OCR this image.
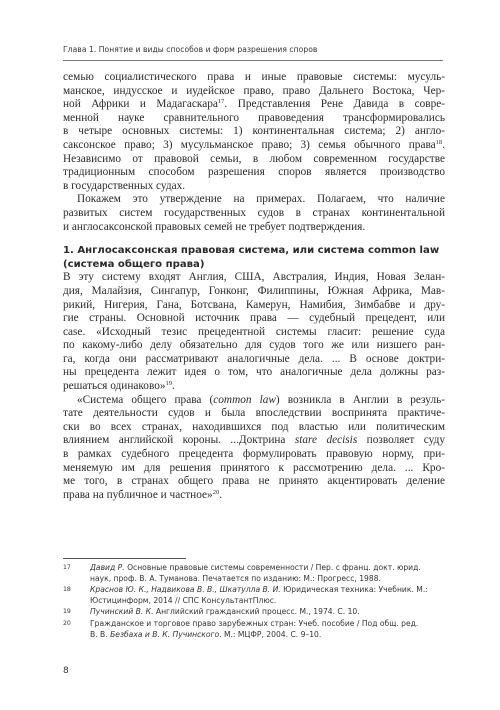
Глава 1. Понятие и виды способов и форм разрешения споров
семью социалистического права и иные правовые системы: мусуль-
манское, индусское и иудейское право, право Дальнего Востока, Чер-
ной Африки и Мадагаскара$^{17}$. Представления Рене Давида в совре-
менной науке сравнительного правоведения трансформировались
в четыре основных системы: 1) континентальная система; 2) англо-
саксонское право; 3) мусульманское право; 3) семья обычного права$^{18}$.
Независимо от правовой семьи, в любом современном государстве
традиционным способом разрешения споров является производство
в государственных судах.
Покажем это утверждение на примерах. Полагаем, что наличие
развитых систем государственных судов в странах континентальной
и англосаксонской правовых семей не требует подтверждения.
1. Англосаксонская правовая система, или система common law
(система общего права)
В эту систему входят Англия, США, Австралия, Индия, Новая Зелан-
дия, Малайзия, Сингапур, Гонконг, Филиппины, Южная Африка, Мав-
рикий, Нигерия, Гана, Ботсвана, Камерун, Намибия, Зимбабве и дру-
гие страны. Основной источник права — судебный прецедент, или
case. «Исходный тезис прецедентной системы гласит: решение суда
по какому-либо делу обязательно для судов того же или низшего ран-
га, когда они рассматривают аналогичные дела. ... В основе доктри-
ны прецедента лежит идея о том, что аналогичные дела должны раз-
решаться одинаково»$^{19}$.
«Система общего права (common law) возникла в Англии в резуль-
тате деятельности судов и была впоследствии воспринята практиче-
ски во всех странах, находившихся под властью или политическим
влиянием английской короны. ...Доктрина stare decisis позволяет суду
в рамках судебного прецедента формулировать правовую норму, при-
меняемую им для решения принятого к рассмотрению дела. ... Кро-
ме того, в странах общего права не принято акцентировать деление
права на публичное и частное»$^{20}$.
17	Давид Р. Основные правовые системы современности / Пер. с франц. докт. юрид.
наук, проф. В. А. Туманова. Печатается по изданию: М.: Прогресс, 1988.
18	Краснов Ю. К., Надвикова В. В., Шкатулла В. И. Юридическая техника: Учебник. М.:
Юстицинформ, 2014 // СПС КонсультантПлюс.
19	Пучинский В. К. Английский гражданский процесс. М., 1974. С. 10.
20	Гражданское и торговое право зарубежных стран: Учеб. пособие / Под общ. ред.
В. В. Безбаха и В. К. Пучинского. М.: МЦФР, 2004. С. 9–10.
8
